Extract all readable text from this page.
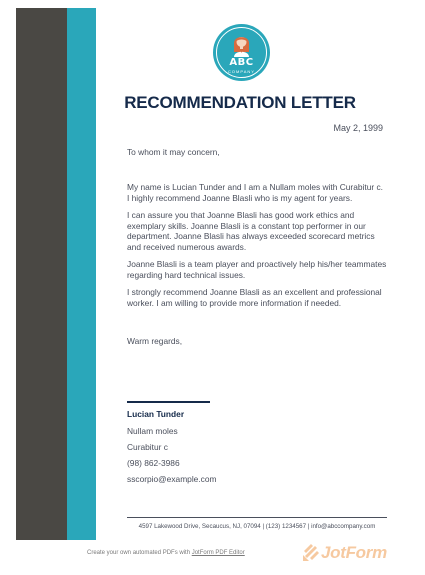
ABC
COMPANY
RECOMMENDATION LETTER
May 2, 1999
To whom it may concern,
My name is Lucian Tunder and I am a Nullam moles with Curabitur c. I highly recommend Joanne Blasli who is my agent for years.
I can assure you that Joanne Blasli has good work ethics and exemplary skills. Joanne Blasli is a constant top performer in our department. Joanne Blasli has always exceeded scorecard metrics and received numerous awards.
Joanne Blasli is a team player and proactively help his/her teammates regarding hard technical issues.
I strongly recommend Joanne Blasli as an excellent and professional worker. I am willing to provide more information if needed.
Warm regards,
Lucian Tunder
Nullam moles
Curabitur c
(98) 862-3986
sscorpio@example.com
4597 Lakewood Drive, Secaucus, NJ, 07094 | (123) 1234567 | info@abccompany.com
Create your own automated PDFs with JotForm PDF Editor	JotForm
